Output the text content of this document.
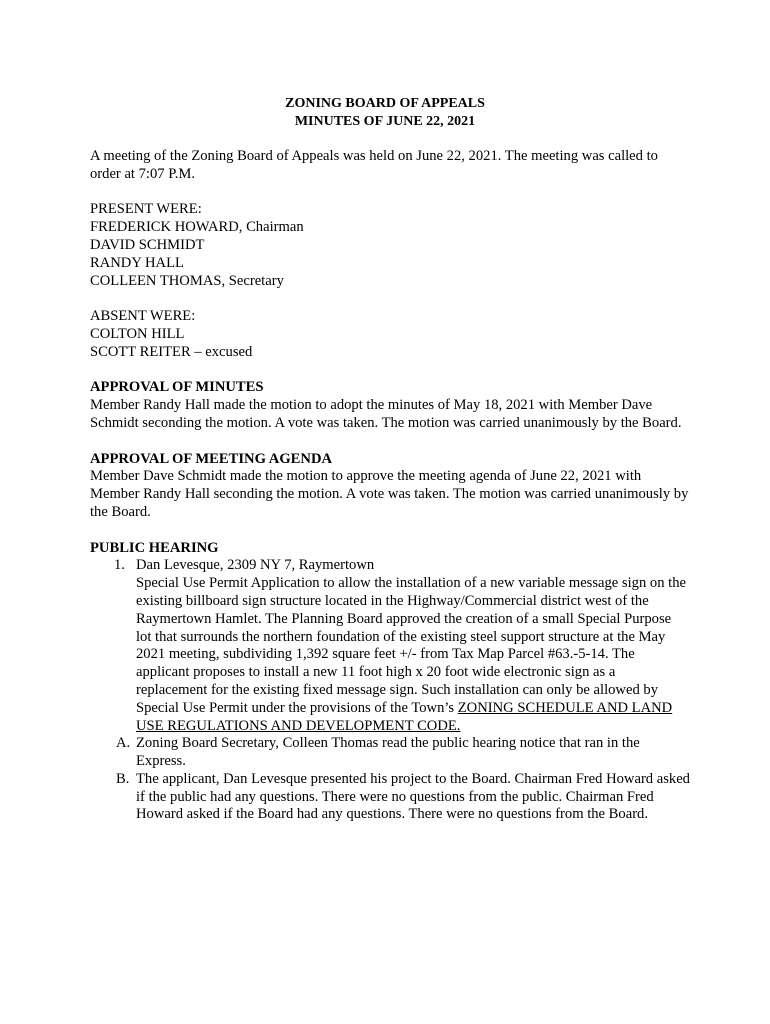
ZONING BOARD OF APPEALS
MINUTES OF JUNE 22, 2021

A meeting of the Zoning Board of Appeals was held on June 22, 2021. The meeting was called to order at 7:07 P.M.

PRESENT WERE:

FREDERICK HOWARD, Chairman

DAVID SCHMIDT

RANDY HALL

COLLEEN THOMAS, Secretary

ABSENT WERE:

COLTON HILL

SCOTT REITER – excused

APPROVAL OF MINUTES

Member Randy Hall made the motion to adopt the minutes of May 18, 2021 with Member Dave Schmidt seconding the motion. A vote was taken. The motion was carried unanimously by the Board.

APPROVAL OF MEETING AGENDA

Member Dave Schmidt made the motion to approve the meeting agenda of June 22, 2021 with Member Randy Hall seconding the motion. A vote was taken. The motion was carried unanimously by the Board.

PUBLIC HEARING

1. Dan Levesque, 2309 NY 7, Raymertown

Special Use Permit Application to allow the installation of a new variable message sign on the existing billboard sign structure located in the Highway/Commercial district west of the Raymertown Hamlet. The Planning Board approved the creation of a small Special Purpose lot that surrounds the northern foundation of the existing steel support structure at the May 2021 meeting, subdividing 1,392 square feet +/- from Tax Map Parcel #63.-5-14. The applicant proposes to install a new 11 foot high x 20 foot wide electronic sign as a replacement for the existing fixed message sign. Such installation can only be allowed by Special Use Permit under the provisions of the Town’s ZONING SCHEDULE AND LAND USE REGULATIONS AND DEVELOPMENT CODE.

A. Zoning Board Secretary, Colleen Thomas read the public hearing notice that ran in the Express.

B. The applicant, Dan Levesque presented his project to the Board. Chairman Fred Howard asked if the public had any questions. There were no questions from the public. Chairman Fred Howard asked if the Board had any questions. There were no questions from the Board.
